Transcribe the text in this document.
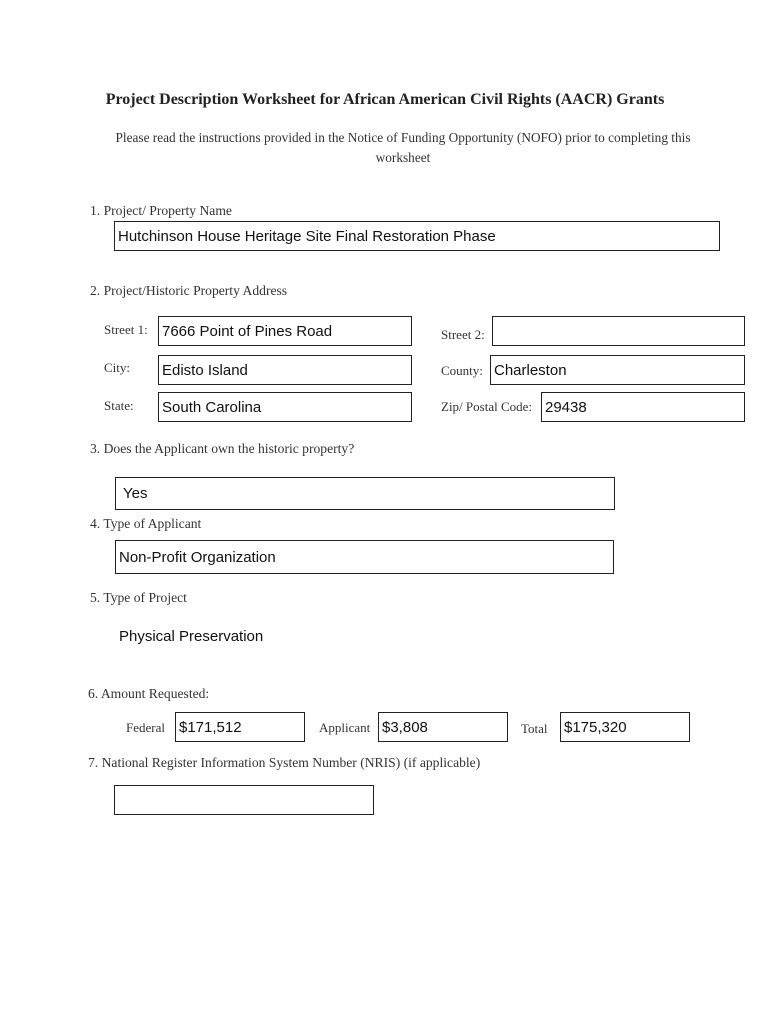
Project Description Worksheet for African American Civil Rights (AACR) Grants
Please read the instructions provided in the Notice of Funding Opportunity (NOFO) prior to completing this worksheet
1. Project/ Property Name
Hutchinson House Heritage Site Final Restoration Phase
2. Project/Historic Property Address
Street 1: 7666 Point of Pines Road	Street 2:
City: Edisto Island	County: Charleston
State: South Carolina	Zip/ Postal Code: 29438
3. Does the Applicant own the historic property?
Yes
4. Type of Applicant
Non-Profit Organization
5. Type of Project
Physical Preservation
6. Amount Requested:
Federal $171,512	Applicant $3,808	Total $175,320
7. National Register Information System Number (NRIS) (if applicable)
